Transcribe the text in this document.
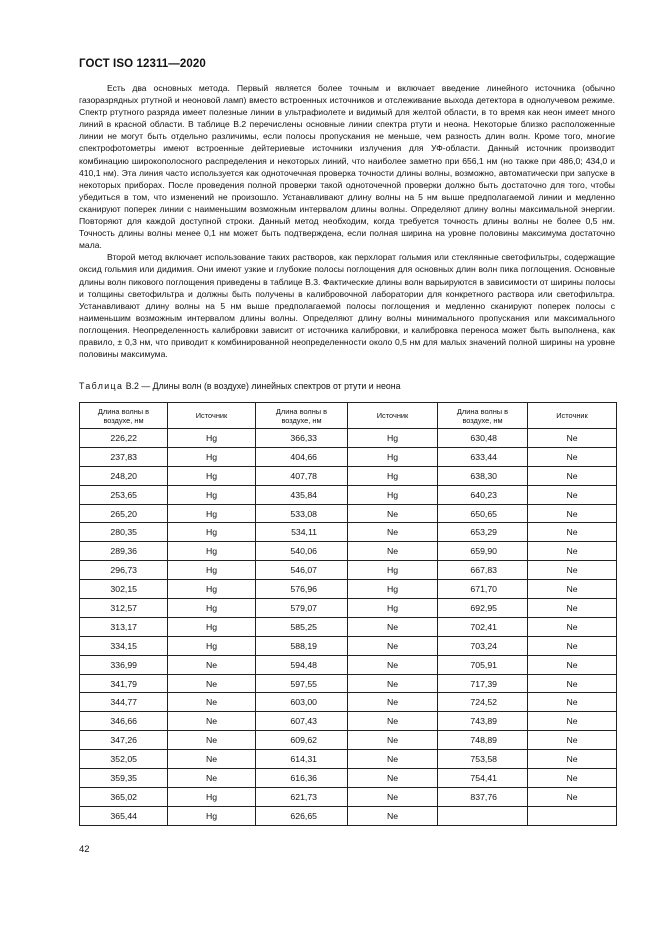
ГОСТ ISO 12311—2020

Есть два основных метода. Первый является более точным и включает введение линейного источника (обычно газоразрядных ртутной и неоновой ламп) вместо встроенных источников и отслеживание выхода детектора в однолучевом режиме. Спектр ртутного разряда имеет полезные линии в ультрафиолете и видимый для желтой области, в то время как неон имеет много линий в красной области. В таблице В.2 перечислены основные линии спектра ртути и неона. Некоторые близко расположенные линии не могут быть отдельно различимы, если полосы пропускания не меньше, чем разность длин волн. Кроме того, многие спектрофотометры имеют встроенные дейтериевые источники излучения для УФ-области. Данный источник производит комбинацию широкополосного распределения и некоторых линий, что наиболее заметно при 656,1 нм (но также при 486,0; 434,0 и 410,1 нм). Эта линия часто используется как одноточечная проверка точности длины волны, возможно, автоматически при запуске в некоторых приборах. После проведения полной проверки такой одноточечной проверки должно быть достаточно для того, чтобы убедиться в том, что изменений не произошло. Устанавливают длину волны на 5 нм выше предполагаемой линии и медленно сканируют поперек линии с наименьшим возможным интервалом длины волны. Определяют длину волны максимальной энергии. Повторяют для каждой доступной строки. Данный метод необходим, когда требуется точность длины волны не более 0,5 нм. Точность длины волны менее 0,1 нм может быть подтверждена, если полная ширина на уровне половины максимума достаточно мала.

Второй метод включает использование таких растворов, как перхлорат гольмия или стеклянные светофильтры, содержащие оксид гольмия или дидимия. Они имеют узкие и глубокие полосы поглощения для основных длин волн пика поглощения. Основные длины волн пикового поглощения приведены в таблице В.3. Фактические длины волн варьируются в зависимости от ширины полосы и толщины светофильтра и должны быть получены в калибровочной лаборатории для конкретного раствора или светофильтра. Устанавливают длину волны на 5 нм выше предполагаемой полосы поглощения и медленно сканируют поперек полосы с наименьшим возможным интервалом длины волны. Определяют длину волны минимального пропускания или максимального поглощения. Неопределенность калибровки зависит от источника калибровки, и калибровка переноса может быть выполнена, как правило, ± 0,3 нм, что приводит к комбинированной неопределенности около 0,5 нм для малых значений полной ширины на уровне половины максимума.

Таблица В.2 — Длины волн (в воздухе) линейных спектров от ртути и неона
Длина волны в воздухе, нм	Источник	Длина волны в воздухе, нм	Источник	Длина волны в воздухе, нм	Источник
226,22	Hg	366,33	Hg	630,48	Ne
237,83	Hg	404,66	Hg	633,44	Ne
248,20	Hg	407,78	Hg	638,30	Ne
253,65	Hg	435,84	Hg	640,23	Ne
265,20	Hg	533,08	Ne	650,65	Ne
280,35	Hg	534,11	Ne	653,29	Ne
289,36	Hg	540,06	Ne	659,90	Ne
296,73	Hg	546,07	Hg	667,83	Ne
302,15	Hg	576,96	Hg	671,70	Ne
312,57	Hg	579,07	Hg	692,95	Ne
313,17	Hg	585,25	Ne	702,41	Ne
334,15	Hg	588,19	Ne	703,24	Ne
336,99	Ne	594,48	Ne	705,91	Ne
341,79	Ne	597,55	Ne	717,39	Ne
344,77	Ne	603,00	Ne	724,52	Ne
346,66	Ne	607,43	Ne	743,89	Ne
347,26	Ne	609,62	Ne	748,89	Ne
352,05	Ne	614,31	Ne	753,58	Ne
359,35	Ne	616,36	Ne	754,41	Ne
365,02	Hg	621,73	Ne	837,76	Ne
365,44	Hg	626,65	Ne		
42
